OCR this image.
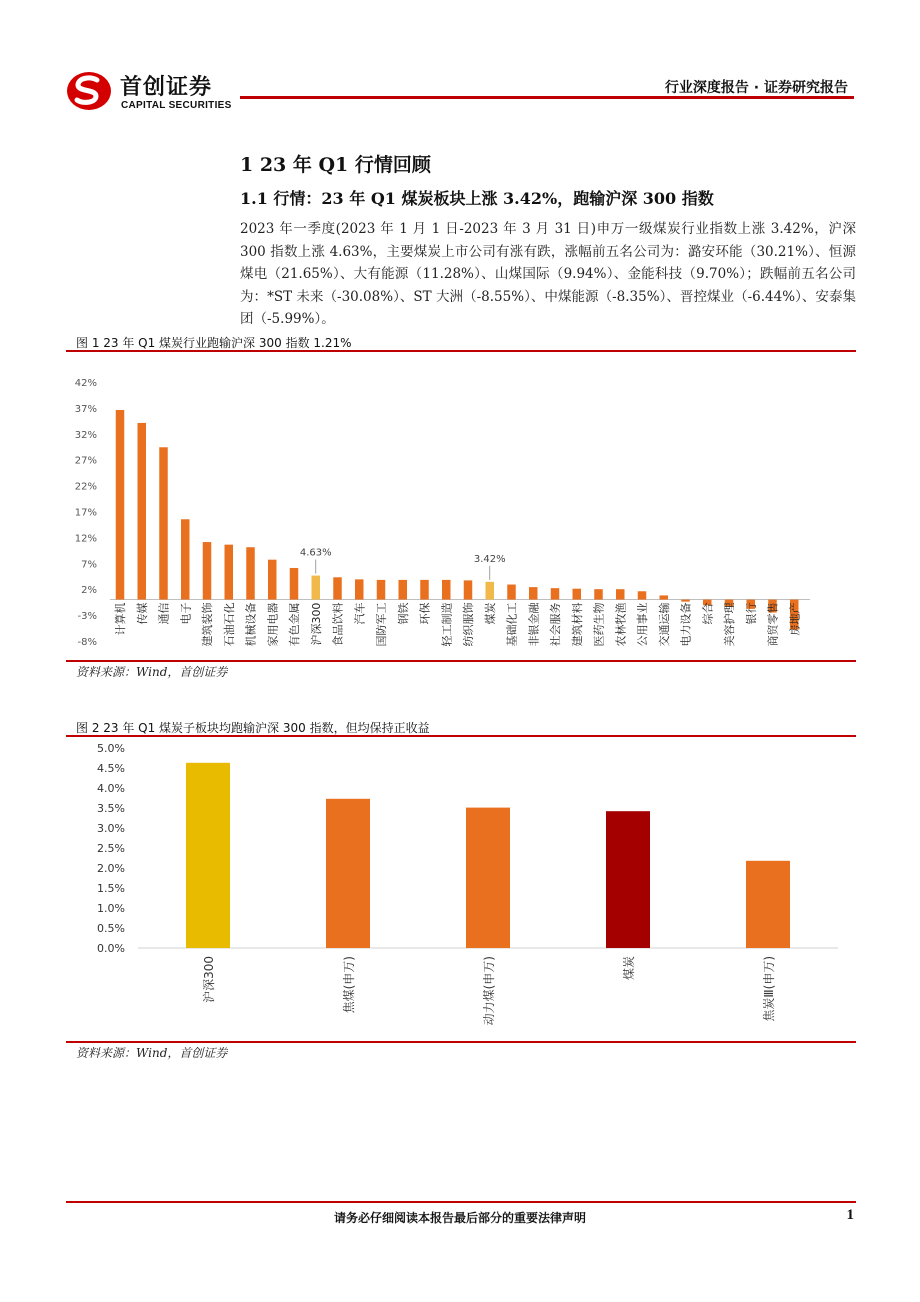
首创证券
CAPITAL SECURITIES
行业深度报告 · 证券研究报告
1 23 年 Q1 行情回顾
1.1 行情：23 年 Q1 煤炭板块上涨 3.42%，跑输沪深 300 指数
2023 年一季度(2023 年 1 月 1 日-2023 年 3 月 31 日)申万一级煤炭行业指数上涨 3.42%，沪深 300 指数上涨 4.63%，主要煤炭上市公司有涨有跌，涨幅前五名公司为：潞安环能（30.21%）、恒源煤电（21.65%）、大有能源（11.28%）、山煤国际（9.94%）、金能科技（9.70%）；跌幅前五名公司为：*ST 未来（-30.08%）、ST 大洲（-8.55%）、中煤能源（-8.35%）、晋控煤业（-6.44%）、安泰集团（-5.99%）。
图 1 23 年 Q1 煤炭行业跑输沪深 300 指数 1.21%
42%
37%
32%
27%
22%
17%
12%
7%
2%
-3%
-8%
计算机 传媒 通信 电子 建筑装饰 石油石化 机械设备 家用电器 有色金属 沪深300
4.63%
食品饮料 汽车 国防军工 钢铁 环保 轻工制造 纺织服饰 煤炭
3.42%
基础化工 非银金融 社会服务 建筑材料 医药生物 农林牧渔 公用事业 交通运输 电力设备 综合 美容护理 银行 商贸零售 房地产
资料来源：Wind，首创证券
图 2 23 年 Q1 煤炭子板块均跑输沪深 300 指数，但均保持正收益
5.0%
4.5%
4.0%
3.5%
3.0%
2.5%
2.0%
1.5%
1.0%
0.5%
0.0%
沪深300	焦煤(申万)	动力煤(申万)	煤炭	焦炭Ⅲ(申万)
资料来源：Wind，首创证券
请务必仔细阅读本报告最后部分的重要法律声明	1
